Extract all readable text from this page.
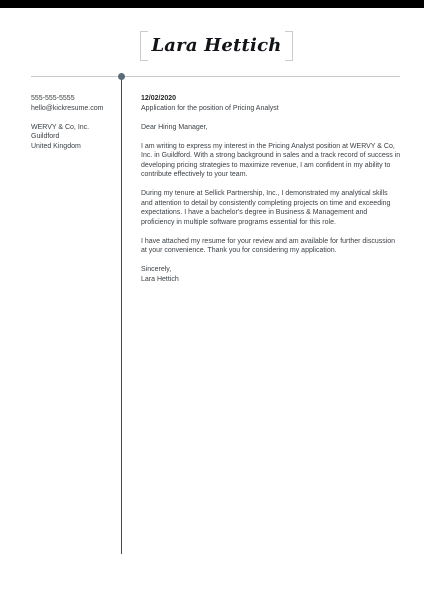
Lara Hettich
555-555-5555
hello@kickresume.com
WERVY & Co, Inc.
Guildford
United Kingdom
12/02/2020
Application for the position of Pricing Analyst
Dear Hiring Manager,
I am writing to express my interest in the Pricing Analyst position at WERVY & Co,
Inc. in Guildford. With a strong background in sales and a track record of success in
developing pricing strategies to maximize revenue, I am confident in my ability to
contribute effectively to your team.
During my tenure at Sellick Partnership, Inc., I demonstrated my analytical skills
and attention to detail by consistently completing projects on time and exceeding
expectations. I have a bachelor's degree in Business & Management and
proficiency in multiple software programs essential for this role.
I have attached my resume for your review and am available for further discussion
at your convenience. Thank you for considering my application.
Sincerely,
Lara Hettich
